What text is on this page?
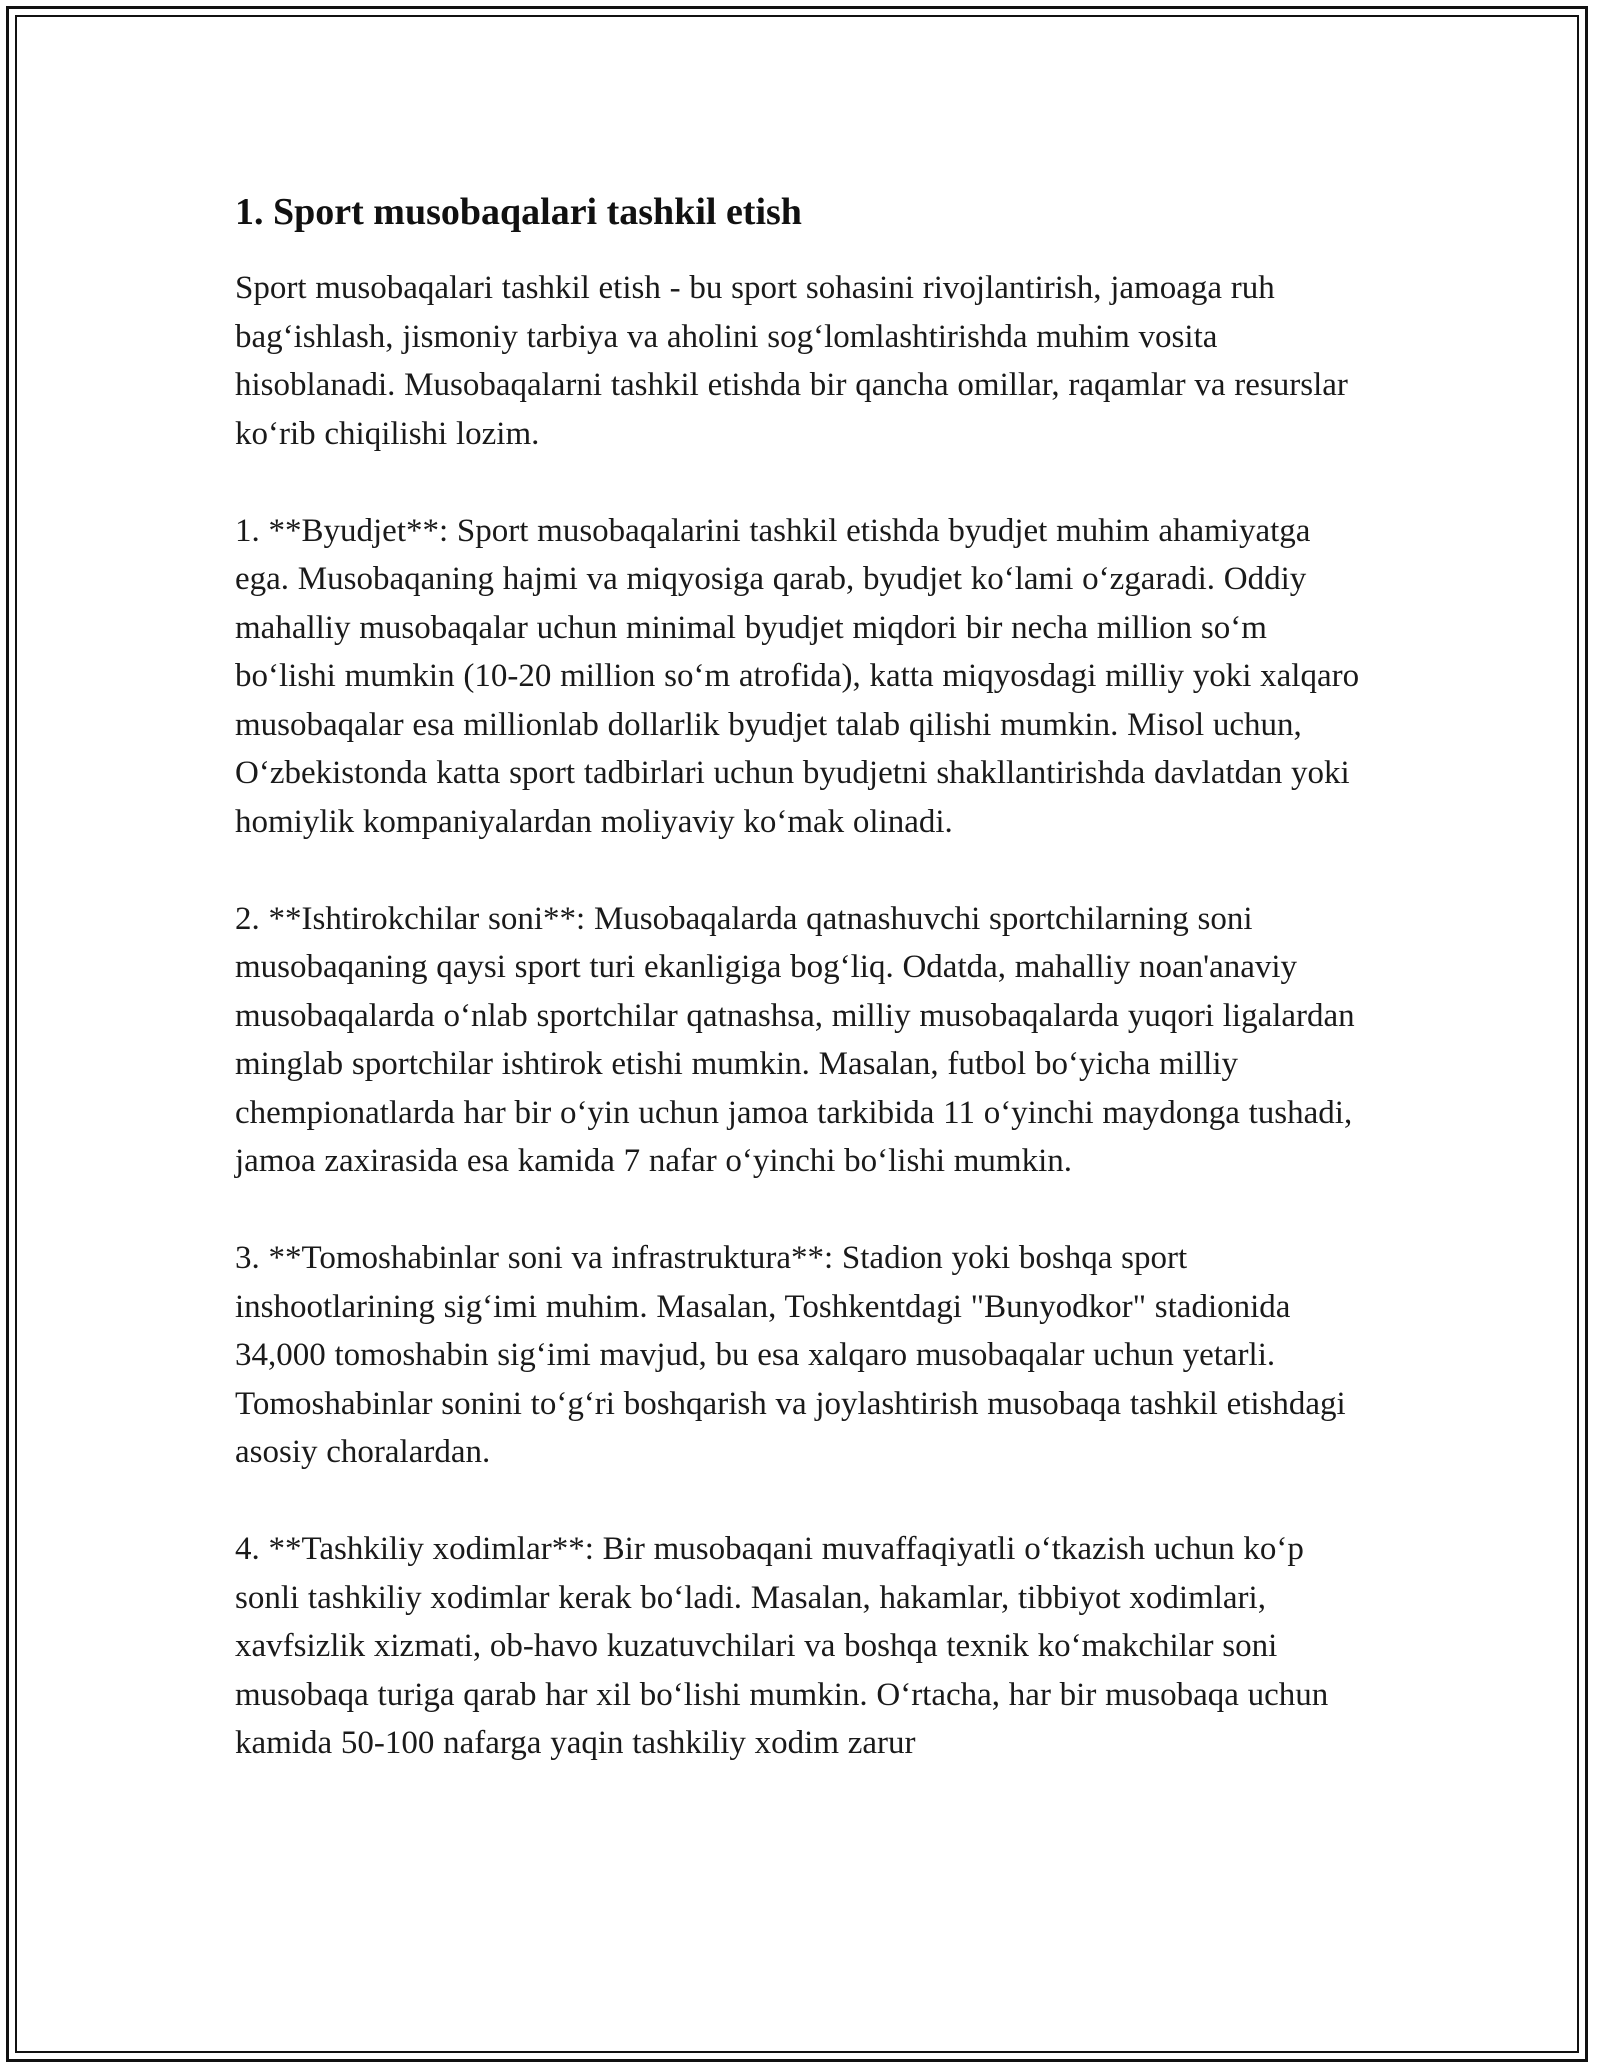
1. Sport musobaqalari tashkil etish

Sport musobaqalari tashkil etish - bu sport sohasini rivojlantirish, jamoaga ruh bag‘ishlash, jismoniy tarbiya va aholini sog‘lomlashtirishda muhim vosita hisoblanadi. Musobaqalarni tashkil etishda bir qancha omillar, raqamlar va resurslar ko‘rib chiqilishi lozim.

1. **Byudjet**: Sport musobaqalarini tashkil etishda byudjet muhim ahamiyatga ega. Musobaqaning hajmi va miqyosiga qarab, byudjet ko‘lami o‘zgaradi. Oddiy mahalliy musobaqalar uchun minimal byudjet miqdori bir necha million so‘m bo‘lishi mumkin (10-20 million so‘m atrofida), katta miqyosdagi milliy yoki xalqaro musobaqalar esa millionlab dollarlik byudjet talab qilishi mumkin. Misol uchun, O‘zbekistonda katta sport tadbirlari uchun byudjetni shakllantirishda davlatdan yoki homiylik kompaniyalardan moliyaviy ko‘mak olinadi.

2. **Ishtirokchilar soni**: Musobaqalarda qatnashuvchi sportchilarning soni musobaqaning qaysi sport turi ekanligiga bog‘liq. Odatda, mahalliy noan'anaviy musobaqalarda o‘nlab sportchilar qatnashsa, milliy musobaqalarda yuqori ligalardan minglab sportchilar ishtirok etishi mumkin. Masalan, futbol bo‘yicha milliy chempionatlarda har bir o‘yin uchun jamoa tarkibida 11 o‘yinchi maydonga tushadi, jamoa zaxirasida esa kamida 7 nafar o‘yinchi bo‘lishi mumkin.

3. **Tomoshabinlar soni va infrastruktura**: Stadion yoki boshqa sport inshootlarining sig‘imi muhim. Masalan, Toshkentdagi "Bunyodkor" stadionida 34,000 tomoshabin sig‘imi mavjud, bu esa xalqaro musobaqalar uchun yetarli. Tomoshabinlar sonini to‘g‘ri boshqarish va joylashtirish musobaqa tashkil etishdagi asosiy choralardan.

4. **Tashkiliy xodimlar**: Bir musobaqani muvaffaqiyatli o‘tkazish uchun ko‘p sonli tashkiliy xodimlar kerak bo‘ladi. Masalan, hakamlar, tibbiyot xodimlari, xavfsizlik xizmati, ob-havo kuzatuvchilari va boshqa texnik ko‘makchilar soni musobaqa turiga qarab har xil bo‘lishi mumkin. O‘rtacha, har bir musobaqa uchun kamida 50-100 nafarga yaqin tashkiliy xodim zarur
